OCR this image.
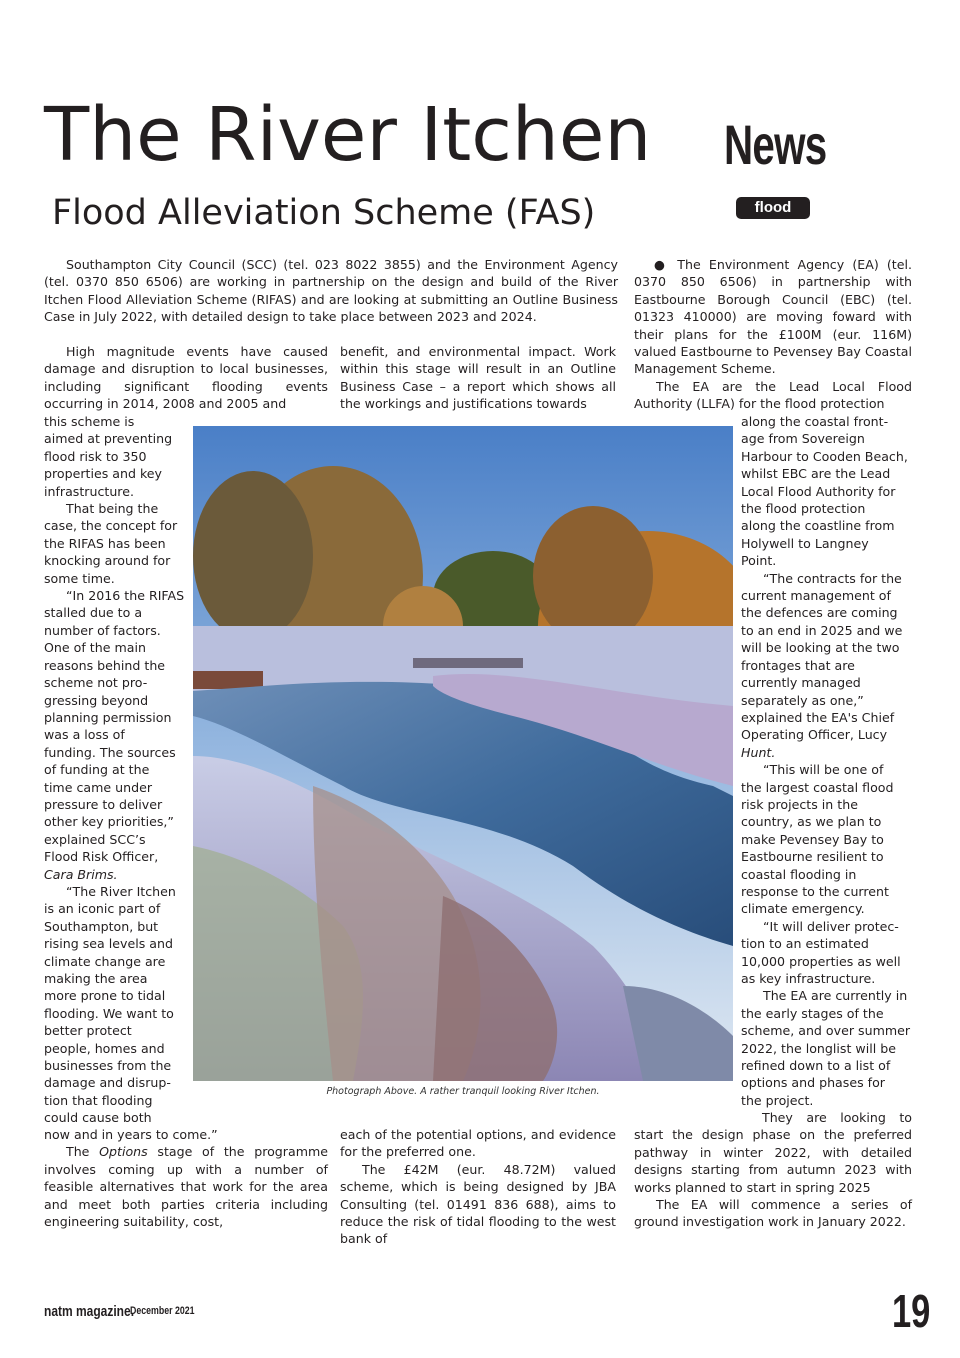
The River Itchen
Flood Alleviation Scheme (FAS)
News
flood

Southampton City Council (SCC) (tel. 023 8022 3855) and the Environment Agency (tel. 0370 850 6506) are working in partnership on the design and build of the River Itchen Flood Alleviation Scheme (RIFAS) and are looking at submitting an Outline Business Case in July 2022, with detailed design to take place between 2023 and 2024.

High magnitude events have caused damage and disruption to local businesses, including significant flooding events occurring in 2014, 2008 and 2005 and

this scheme is
aimed at preventing
flood risk to 350
properties and key
infrastructure.
That being the
case, the concept for
the RIFAS has been
knocking around for
some time.
“In 2016 the RIFAS
stalled due to a
number of factors.
One of the main
reasons behind the
scheme not pro-
gressing beyond
planning permission
was a loss of
funding. The sources
of funding at the
time came under
pressure to deliver
other key priorities,”
explained SCC’s
Flood Risk Officer,
Cara Brims.
“The River Itchen
is an iconic part of
Southampton, but
rising sea levels and
climate change are
making the area
more prone to tidal
flooding. We want to
better protect
people, homes and
businesses from the
damage and disrup-
tion that flooding
could cause both

now and in years to come.”

The Options stage of the programme involves coming up with a number of feasible alternatives that work for the area and meet both parties criteria including engineering suitability, cost,

benefit, and environmental impact. Work within this stage will result in an Outline Business Case – a report which shows all the workings and justifications towards

each of the potential options, and evidence for the preferred one.

The £42M (eur. 48.72M) valued scheme, which is being designed by JBA Consulting (tel. 01491 836 688), aims to reduce the risk of tidal flooding to the west bank of

● The Environment Agency (EA) (tel. 0370 850 6506) in partnership with Eastbourne Borough Council (EBC) (tel. 01323 410000) are moving foward with their plans for the £100M (eur. 116M) valued Eastbourne to Pevensey Bay Coastal Management Scheme.

The EA are the Lead Local Flood Authority (LLFA) for the flood protection

along the coastal front-
age from Sovereign
Harbour to Cooden Beach,
whilst EBC are the Lead
Local Flood Authority for
the flood protection
along the coastline from
Holywell to Langney
Point.
“The contracts for the
current management of
the defences are coming
to an end in 2025 and we
will be looking at the two
frontages that are
currently managed
separately as one,”
explained the EA's Chief
Operating Officer, Lucy
Hunt.
“This will be one of
the largest coastal flood
risk projects in the
country, as we plan to
make Pevensey Bay to
Eastbourne resilient to
coastal flooding in
response to the current
climate emergency.
“It will deliver protec-
tion to an estimated
10,000 properties as well
as key infrastructure.
The EA are currently in
the early stages of the
scheme, and over summer
2022, the longlist will be
refined down to a list of
options and phases for
the project.

They are looking to start the design phase on the preferred pathway in winter 2022, with detailed designs starting from autumn 2023 with works planned to start in spring 2025

The EA will commence a series of ground investigation work in January 2022.

Photograph Above. A rather tranquil looking River Itchen.
natm magazine.
December 2021	19
